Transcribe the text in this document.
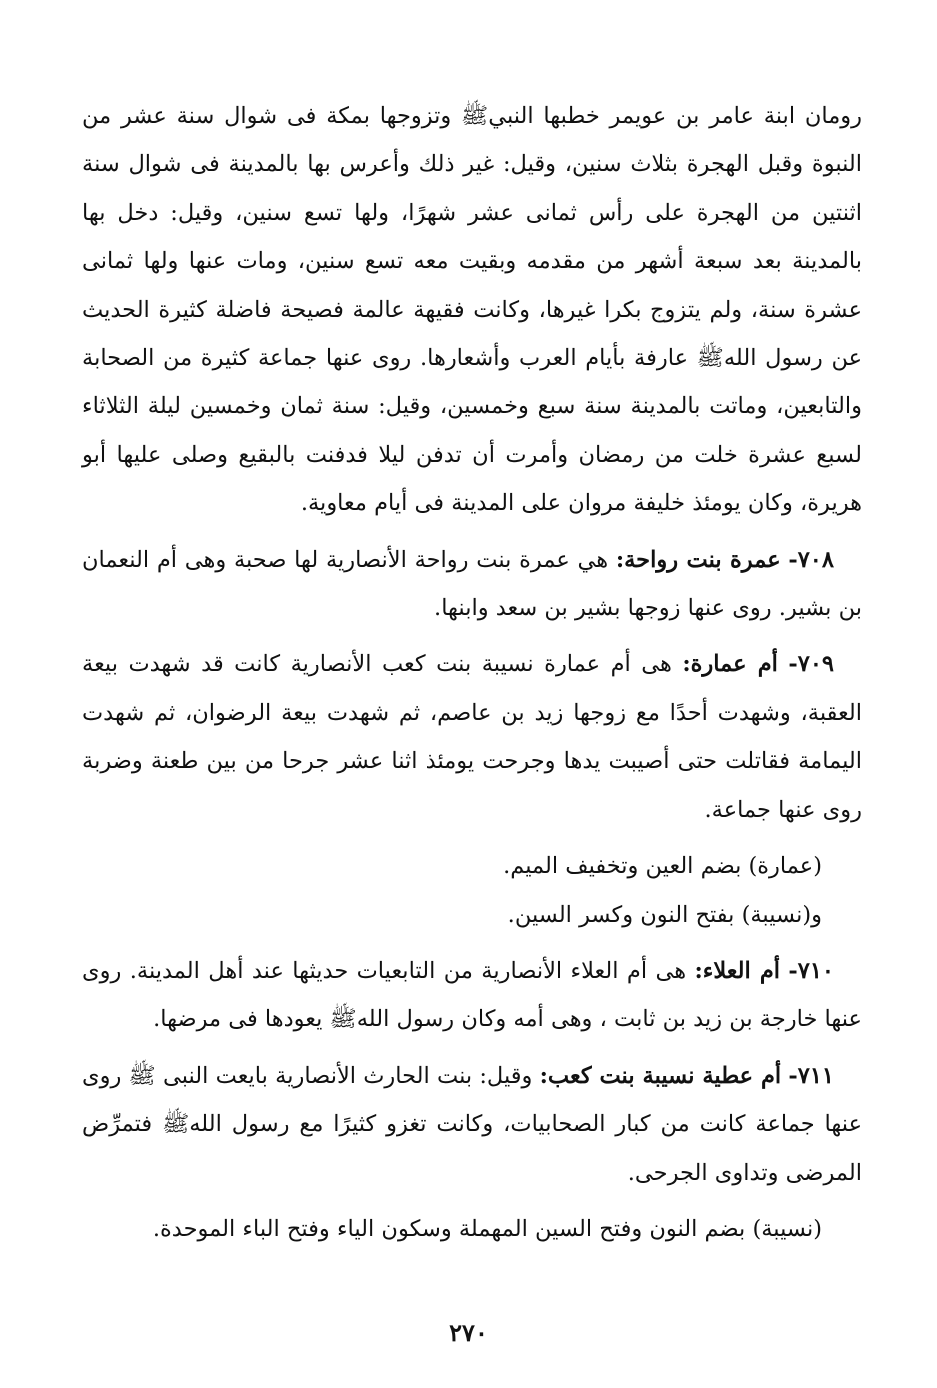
رومان ابنة عامر بن عويمر خطبها النبيﷺ وتزوجها بمكة فى شوال سنة عشر من النبوة وقبل الهجرة بثلاث سنين، وقيل: غير ذلك وأعرس بها بالمدينة فى شوال سنة اثنتين من الهجرة على رأس ثمانى عشر شهرًا، ولها تسع سنين، وقيل: دخل بها بالمدينة بعد سبعة أشهر من مقدمه وبقيت معه تسع سنين، ومات عنها ولها ثمانى عشرة سنة، ولم يتزوج بكرا غيرها، وكانت فقيهة عالمة فصيحة فاضلة كثيرة الحديث عن رسول اللهﷺ عارفة بأيام العرب وأشعارها. روى عنها جماعة كثيرة من الصحابة والتابعين، وماتت بالمدينة سنة سبع وخمسين، وقيل: سنة ثمان وخمسين ليلة الثلاثاء لسبع عشرة خلت من رمضان وأمرت أن تدفن ليلا فدفنت بالبقيع وصلى عليها أبو هريرة، وكان يومئذ خليفة مروان على المدينة فى أيام معاوية.

٧٠٨- عمرة بنت رواحة: هي عمرة بنت رواحة الأنصارية لها صحبة وهى أم النعمان بن بشير. روى عنها زوجها بشير بن سعد وابنها.

٧٠٩- أم عمارة: هى أم عمارة نسيبة بنت كعب الأنصارية كانت قد شهدت بيعة العقبة، وشهدت أحدًا مع زوجها زيد بن عاصم، ثم شهدت بيعة الرضوان، ثم شهدت اليمامة فقاتلت حتى أصيبت يدها وجرحت يومئذ اثنا عشر جرحا من بين طعنة وضربة روى عنها جماعة.

(عمارة) بضم العين وتخفيف الميم.

و(نسيبة) بفتح النون وكسر السين.

٧١٠- أم العلاء: هى أم العلاء الأنصارية من التابعيات حديثها عند أهل المدينة. روى عنها خارجة بن زيد بن ثابت ، وهى أمه وكان رسول اللهﷺ يعودها فى مرضها.

٧١١- أم عطية نسيبة بنت كعب: وقيل: بنت الحارث الأنصارية بايعت النبى ﷺ روى عنها جماعة كانت من كبار الصحابيات، وكانت تغزو كثيرًا مع رسول اللهﷺ فتمرِّض المرضى وتداوى الجرحى.

(نسيبة) بضم النون وفتح السين المهملة وسكون الياء وفتح الباء الموحدة.

٢٧٠
